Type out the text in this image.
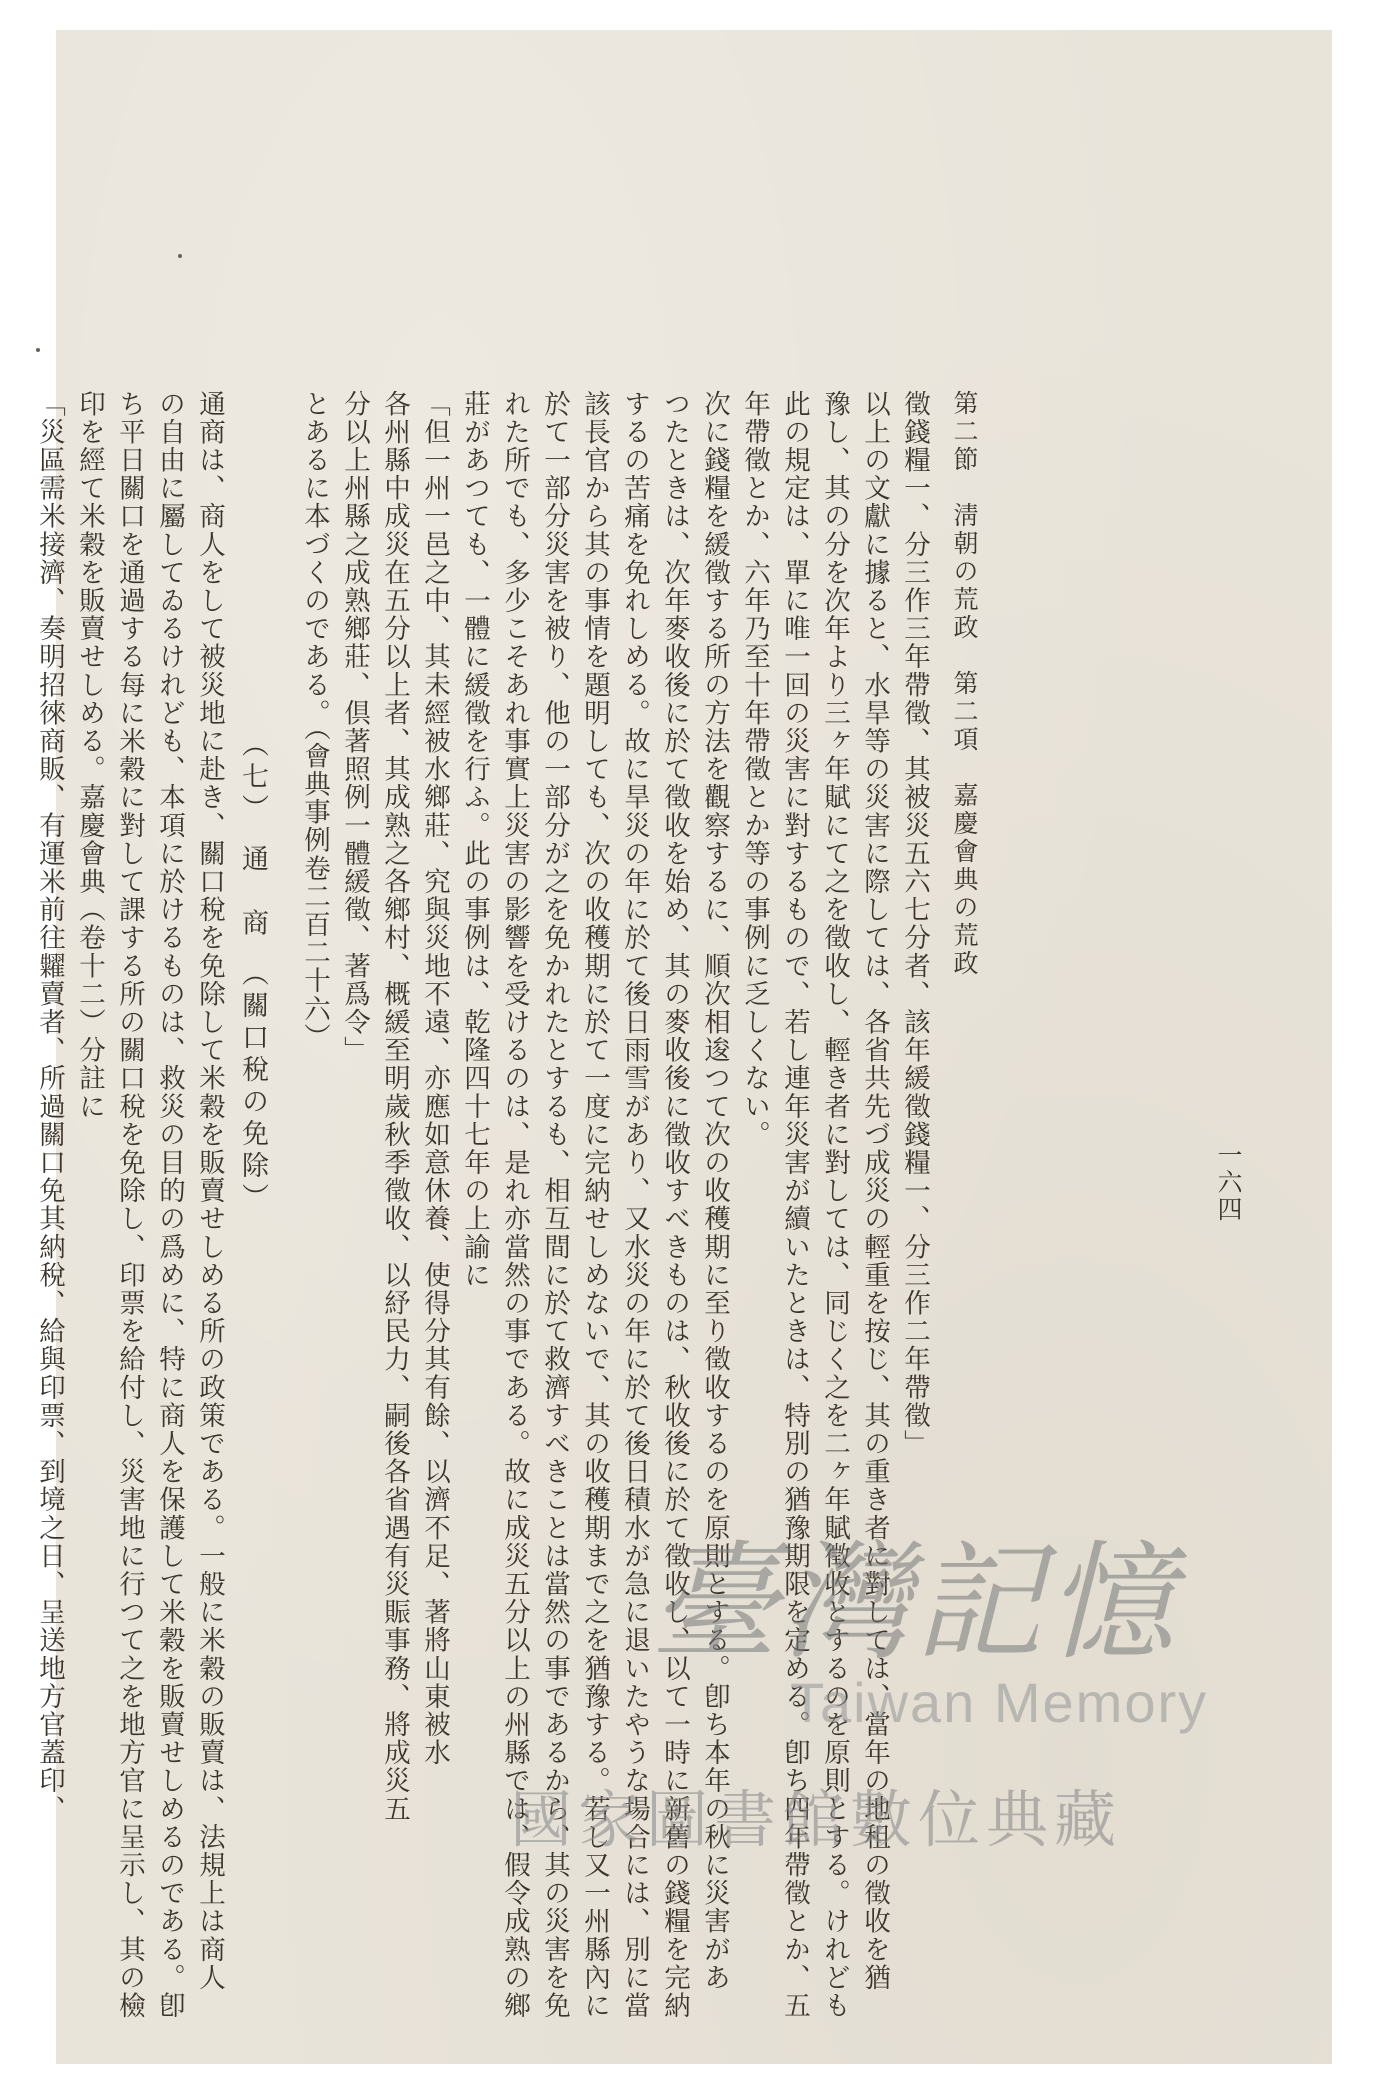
第二節　淸朝の荒政　第二項　嘉慶會典の荒政
一六四
徵錢糧一、分三作三年帶徵、其被災五六七分者、該年緩徵錢糧一、分三作二年帶徵」
以上の文獻に據ると、水旱等の災害に際しては、各省共先づ成災の輕重を按じ、其の重き者に對しては、當年の地租の徵收を猶
豫し、其の分を次年より三ヶ年賦にて之を徵收し、輕き者に對しては、同じく之を二ヶ年賦徵收とするのを原則とする。けれども
此の規定は、單に唯一回の災害に對するもので、若し連年災害が續いたときは、特別の猶豫期限を定める。卽ち四年帶徵とか、五
年帶徵とか、六年乃至十年帶徵とか等の事例に乏しくない。
次に錢糧を緩徵する所の方法を觀察するに、順次相逡つて次の收穫期に至り徵收するのを原則とする。卽ち本年の秋に災害があ
つたときは、次年麥收後に於て徵收を始め、其の麥收後に徵收すべきものは、秋收後に於て徵收し、以て一時に新舊の錢糧を完納
するの苦痛を免れしめる。故に旱災の年に於て後日雨雪があり、又水災の年に於て後日積水が急に退いたやうな場合には、別に當
該長官から其の事情を題明しても、次の收穫期に於て一度に完納せしめないで、其の收穫期まで之を猶豫する。若し又一州縣內に
於て一部分災害を被り、他の一部分が之を免かれたとするも、相互間に於て救濟すべきことは當然の事であるから、其の災害を免
れた所でも、多少こそあれ事實上災害の影響を受けるのは、是れ亦當然の事である。故に成災五分以上の州縣では、假令成熟の鄉
莊があつても、一體に緩徵を行ふ。此の事例は、乾隆四十七年の上諭に
「但一州一邑之中、其未經被水鄉莊、究與災地不遠、亦應如意休養、使得分其有餘、以濟不足、著將山東被水
各州縣中成災在五分以上者、其成熟之各鄉村、概緩至明歲秋季徵收、以紓民力、嗣後各省遇有災賑事務、將成災五
分以上州縣之成熟鄉莊、倶著照例一體緩徵、著爲令」
とあるに本づくのである。（會典事例卷二百二十六）
（七）　通　商　（關口稅の免除）
通商は、商人をして被災地に赴き、關口稅を免除して米穀を販賣せしめる所の政策である。一般に米穀の販賣は、法規上は商人
の自由に屬してゐるけれども、本項に於けるものは、救災の目的の爲めに、特に商人を保護して米穀を販賣せしめるのである。卽
ち平日關口を通過する每に米穀に對して課する所の關口稅を免除し、印票を給付し、災害地に行つて之を地方官に呈示し、其の檢
印を經て米穀を販賣せしめる。嘉慶會典（卷十二）分註に
「災區需米接濟、奏明招徠商販、有運米前往糶賣者、所過關口免其納稅、給與印票、到境之日、呈送地方官蓋印、	臺灣記憶
Taiwan Memory
國家圖書館數位典藏
